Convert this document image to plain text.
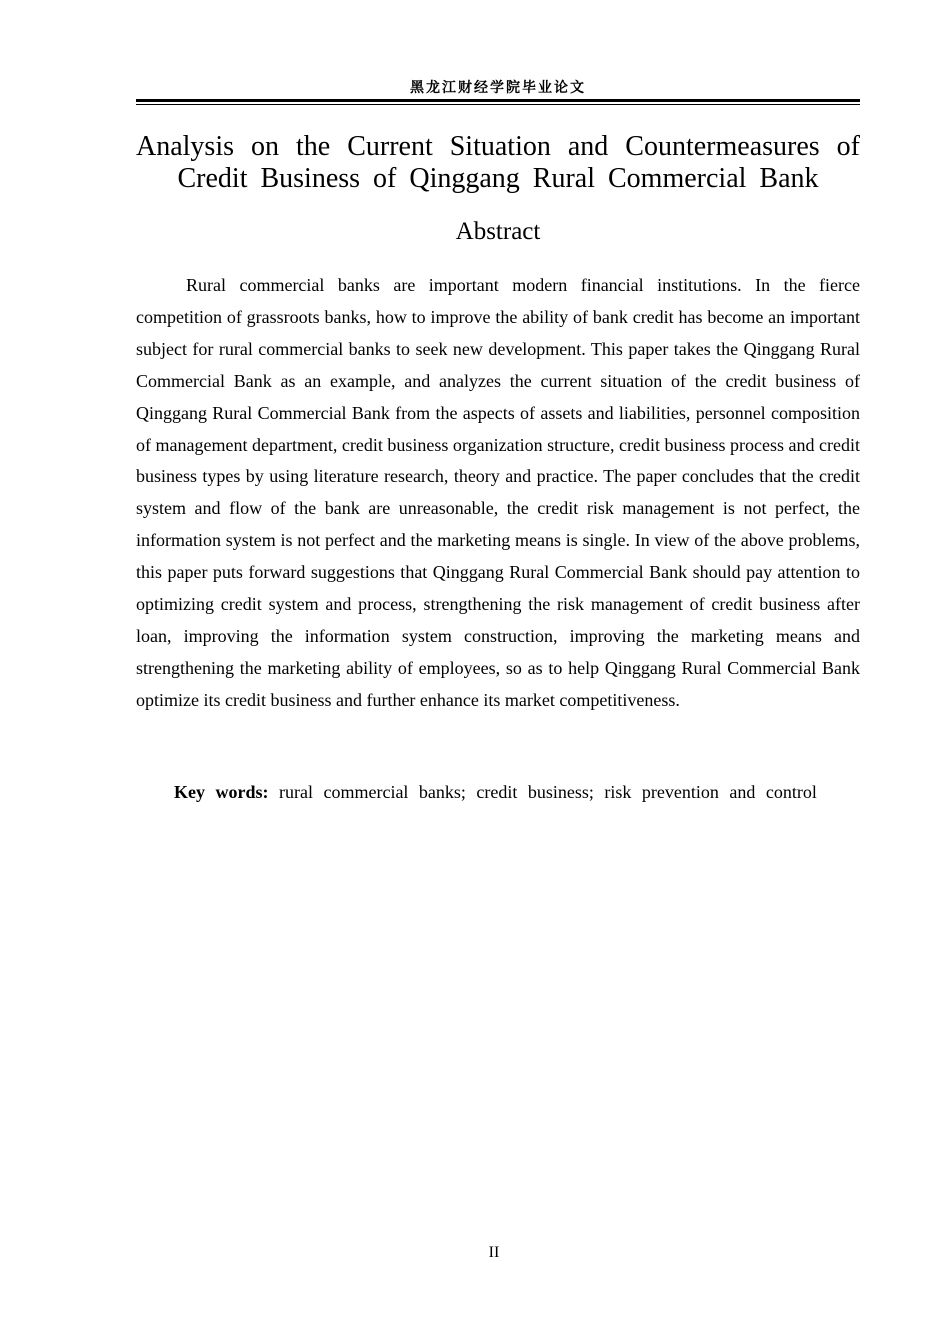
黑龙江财经学院毕业论文
Analysis on the Current Situation and Countermeasures of Credit Business of Qinggang Rural Commercial Bank
Abstract

Rural commercial banks are important modern financial institutions. In the fierce competition of grassroots banks, how to improve the ability of bank credit has become an important subject for rural commercial banks to seek new development. This paper takes the Qinggang Rural Commercial Bank as an example, and analyzes the current situation of the credit business of Qinggang Rural Commercial Bank from the aspects of assets and liabilities, personnel composition of management department, credit business organization structure, credit business process and credit business types by using literature research, theory and practice. The paper concludes that the credit system and flow of the bank are unreasonable, the credit risk management is not perfect, the information system is not perfect and the marketing means is single. In view of the above problems, this paper puts forward suggestions that Qinggang Rural Commercial Bank should pay attention to optimizing credit system and process, strengthening the risk management of credit business after loan, improving the information system construction, improving the marketing means and strengthening the marketing ability of employees, so as to help Qinggang Rural Commercial Bank optimize its credit business and further enhance its market competitiveness.

Key words: rural commercial banks; credit business; risk prevention and control

II
